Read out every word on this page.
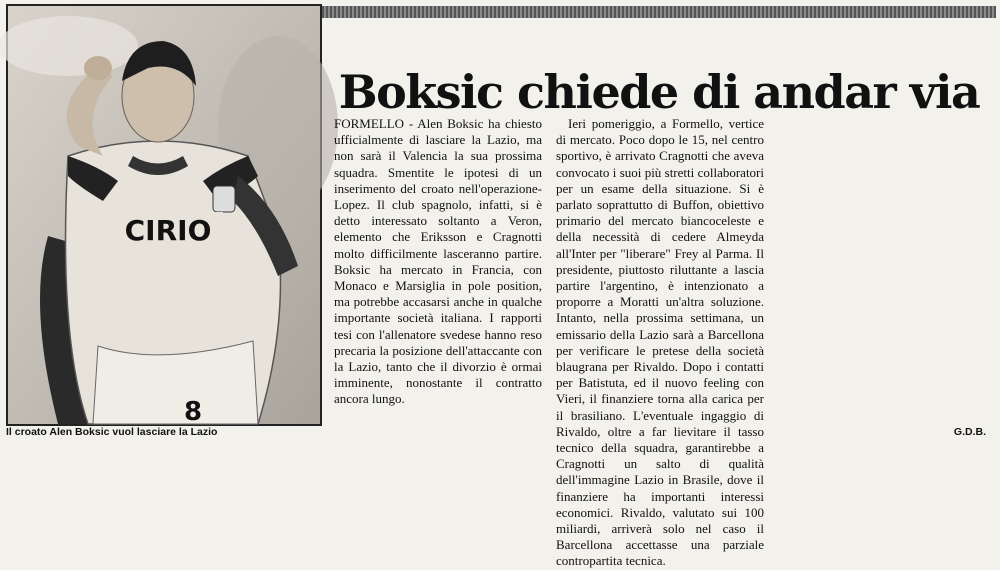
CIRIO
8
Il croato Alen Boksic vuol lasciare la Lazio
Boksic chiede di andar via

FORMELLO - Alen Boksic ha chiesto ufficialmente di lasciare la Lazio, ma non sarà il Valencia la sua prossima squadra. Smentite le ipotesi di un inserimento del croato nell'operazione-Lopez. Il club spagnolo, infatti, si è detto interessato soltanto a Veron, elemento che Eriksson e Cragnotti molto difficilmente lasceranno partire. Boksic ha mercato in Francia, con Monaco e Marsiglia in pole position, ma potrebbe accasarsi anche in qualche importante società italiana. I rapporti tesi con l'allenatore svedese hanno reso precaria la posizione dell'attaccante con la Lazio, tanto che il divorzio è ormai imminente, nonostante il contratto ancora lungo.

Ieri pomeriggio, a Formello, vertice di mercato. Poco dopo le 15, nel centro sportivo, è arrivato Cragnotti che aveva convocato i suoi più stretti collaboratori per un esame della situazione. Si è parlato soprattutto di Buffon, obiettivo primario del mercato biancoceleste e della necessità di cedere Almeyda all'Inter per "liberare" Frey al Parma. Il presidente, piuttosto riluttante a lascia partire l'argentino, è intenzionato a proporre a Moratti un'altra soluzione. Intanto, nella prossima settimana, un emissario della Lazio sarà a Barcellona per verificare le pretese della società blaugrana per Rivaldo. Dopo i contatti per Batistuta, ed il nuovo feeling con Vieri, il finanziere torna alla carica per il brasiliano. L'eventuale ingaggio di Rivaldo, oltre a far lievitare il tasso tecnico della squadra, garantirebbe a Cragnotti un salto di qualità dell'immagine Lazio in Brasile, dove il finanziere ha importanti interessi economici. Rivaldo, valutato sui 100 miliardi, arriverà solo nel caso il Barcellona accettasse una parziale contropartita tecnica.

G.D.B.
